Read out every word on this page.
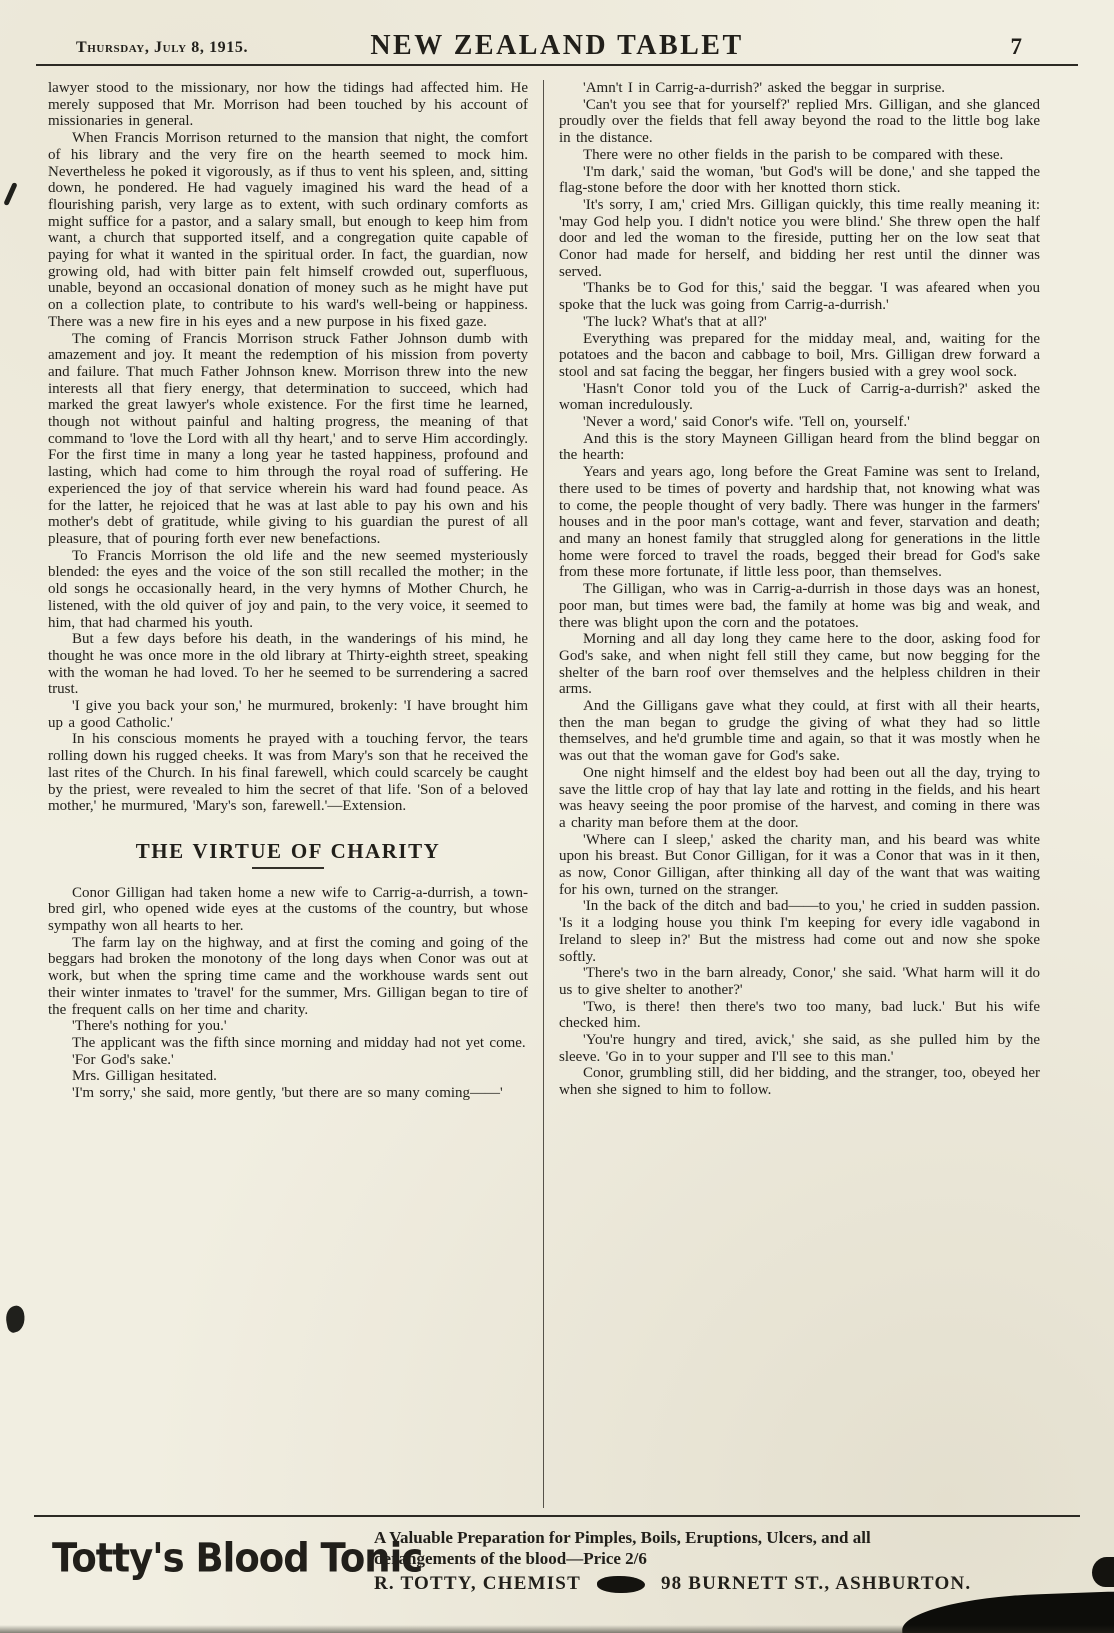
Thursday, July 8, 1915.	NEW ZEALAND TABLET	7

lawyer stood to the missionary, nor how the tidings had affected him. He merely supposed that Mr. Morrison had been touched by his account of missionaries in general.

When Francis Morrison returned to the mansion that night, the comfort of his library and the very fire on the hearth seemed to mock him. Nevertheless he poked it vigorously, as if thus to vent his spleen, and, sitting down, he pondered. He had vaguely imagined his ward the head of a flourishing parish, very large as to extent, with such ordinary comforts as might suffice for a pastor, and a salary small, but enough to keep him from want, a church that supported itself, and a congregation quite capable of paying for what it wanted in the spiritual order. In fact, the guardian, now growing old, had with bitter pain felt himself crowded out, superfluous, unable, beyond an occasional donation of money such as he might have put on a collection plate, to contribute to his ward's well-being or happiness. There was a new fire in his eyes and a new purpose in his fixed gaze.

The coming of Francis Morrison struck Father Johnson dumb with amazement and joy. It meant the redemption of his mission from poverty and failure. That much Father Johnson knew. Morrison threw into the new interests all that fiery energy, that determination to succeed, which had marked the great lawyer's whole existence. For the first time he learned, though not without painful and halting progress, the meaning of that command to 'love the Lord with all thy heart,' and to serve Him accordingly. For the first time in many a long year he tasted happiness, profound and lasting, which had come to him through the royal road of suffering. He experienced the joy of that service wherein his ward had found peace. As for the latter, he rejoiced that he was at last able to pay his own and his mother's debt of gratitude, while giving to his guardian the purest of all pleasure, that of pouring forth ever new benefactions.

To Francis Morrison the old life and the new seemed mysteriously blended: the eyes and the voice of the son still recalled the mother; in the old songs he occasionally heard, in the very hymns of Mother Church, he listened, with the old quiver of joy and pain, to the very voice, it seemed to him, that had charmed his youth.

But a few days before his death, in the wanderings of his mind, he thought he was once more in the old library at Thirty-eighth street, speaking with the woman he had loved. To her he seemed to be surrendering a sacred trust.

'I give you back your son,' he murmured, brokenly: 'I have brought him up a good Catholic.'

In his conscious moments he prayed with a touching fervor, the tears rolling down his rugged cheeks. It was from Mary's son that he received the last rites of the Church. In his final farewell, which could scarcely be caught by the priest, were revealed to him the secret of that life. 'Son of a beloved mother,' he murmured, 'Mary's son, farewell.'—Extension.

THE VIRTUE OF CHARITY

Conor Gilligan had taken home a new wife to Carrig-a-durrish, a town-bred girl, who opened wide eyes at the customs of the country, but whose sympathy won all hearts to her.

The farm lay on the highway, and at first the coming and going of the beggars had broken the monotony of the long days when Conor was out at work, but when the spring time came and the workhouse wards sent out their winter inmates to 'travel' for the summer, Mrs. Gilligan began to tire of the frequent calls on her time and charity.

'There's nothing for you.'

The applicant was the fifth since morning and midday had not yet come.

'For God's sake.'

Mrs. Gilligan hesitated.

'I'm sorry,' she said, more gently, 'but there are so many coming——'

'Amn't I in Carrig-a-durrish?' asked the beggar in surprise.

'Can't you see that for yourself?' replied Mrs. Gilligan, and she glanced proudly over the fields that fell away beyond the road to the little bog lake in the distance.

There were no other fields in the parish to be compared with these.

'I'm dark,' said the woman, 'but God's will be done,' and she tapped the flag-stone before the door with her knotted thorn stick.

'It's sorry, I am,' cried Mrs. Gilligan quickly, this time really meaning it: 'may God help you. I didn't notice you were blind.' She threw open the half door and led the woman to the fireside, putting her on the low seat that Conor had made for herself, and bidding her rest until the dinner was served.

'Thanks be to God for this,' said the beggar. 'I was afeared when you spoke that the luck was going from Carrig-a-durrish.'

'The luck? What's that at all?'

Everything was prepared for the midday meal, and, waiting for the potatoes and the bacon and cabbage to boil, Mrs. Gilligan drew forward a stool and sat facing the beggar, her fingers busied with a grey wool sock.

'Hasn't Conor told you of the Luck of Carrig-a-durrish?' asked the woman incredulously.

'Never a word,' said Conor's wife. 'Tell on, yourself.'

And this is the story Mayneen Gilligan heard from the blind beggar on the hearth:

Years and years ago, long before the Great Famine was sent to Ireland, there used to be times of poverty and hardship that, not knowing what was to come, the people thought of very badly. There was hunger in the farmers' houses and in the poor man's cottage, want and fever, starvation and death; and many an honest family that struggled along for generations in the little home were forced to travel the roads, begged their bread for God's sake from these more fortunate, if little less poor, than themselves.

The Gilligan, who was in Carrig-a-durrish in those days was an honest, poor man, but times were bad, the family at home was big and weak, and there was blight upon the corn and the potatoes.

Morning and all day long they came here to the door, asking food for God's sake, and when night fell still they came, but now begging for the shelter of the barn roof over themselves and the helpless children in their arms.

And the Gilligans gave what they could, at first with all their hearts, then the man began to grudge the giving of what they had so little themselves, and he'd grumble time and again, so that it was mostly when he was out that the woman gave for God's sake.

One night himself and the eldest boy had been out all the day, trying to save the little crop of hay that lay late and rotting in the fields, and his heart was heavy seeing the poor promise of the harvest, and coming in there was a charity man before them at the door.

'Where can I sleep,' asked the charity man, and his beard was white upon his breast. But Conor Gilligan, for it was a Conor that was in it then, as now, Conor Gilligan, after thinking all day of the want that was waiting for his own, turned on the stranger.

'In the back of the ditch and bad——to you,' he cried in sudden passion. 'Is it a lodging house you think I'm keeping for every idle vagabond in Ireland to sleep in?' But the mistress had come out and now she spoke softly.

'There's two in the barn already, Conor,' she said. 'What harm will it do us to give shelter to another?'

'Two, is there! then there's two too many, bad luck.' But his wife checked him.

'You're hungry and tired, avick,' she said, as she pulled him by the sleeve. 'Go in to your supper and I'll see to this man.'

Conor, grumbling still, did her bidding, and the stranger, too, obeyed her when she signed to him to follow.

Totty's Blood Tonic
A Valuable Preparation for Pimples, Boils, Eruptions, Ulcers, and all
derangements of the blood—Price 2/6
R. TOTTY, CHEMIST	98 BURNETT ST., ASHBURTON.
